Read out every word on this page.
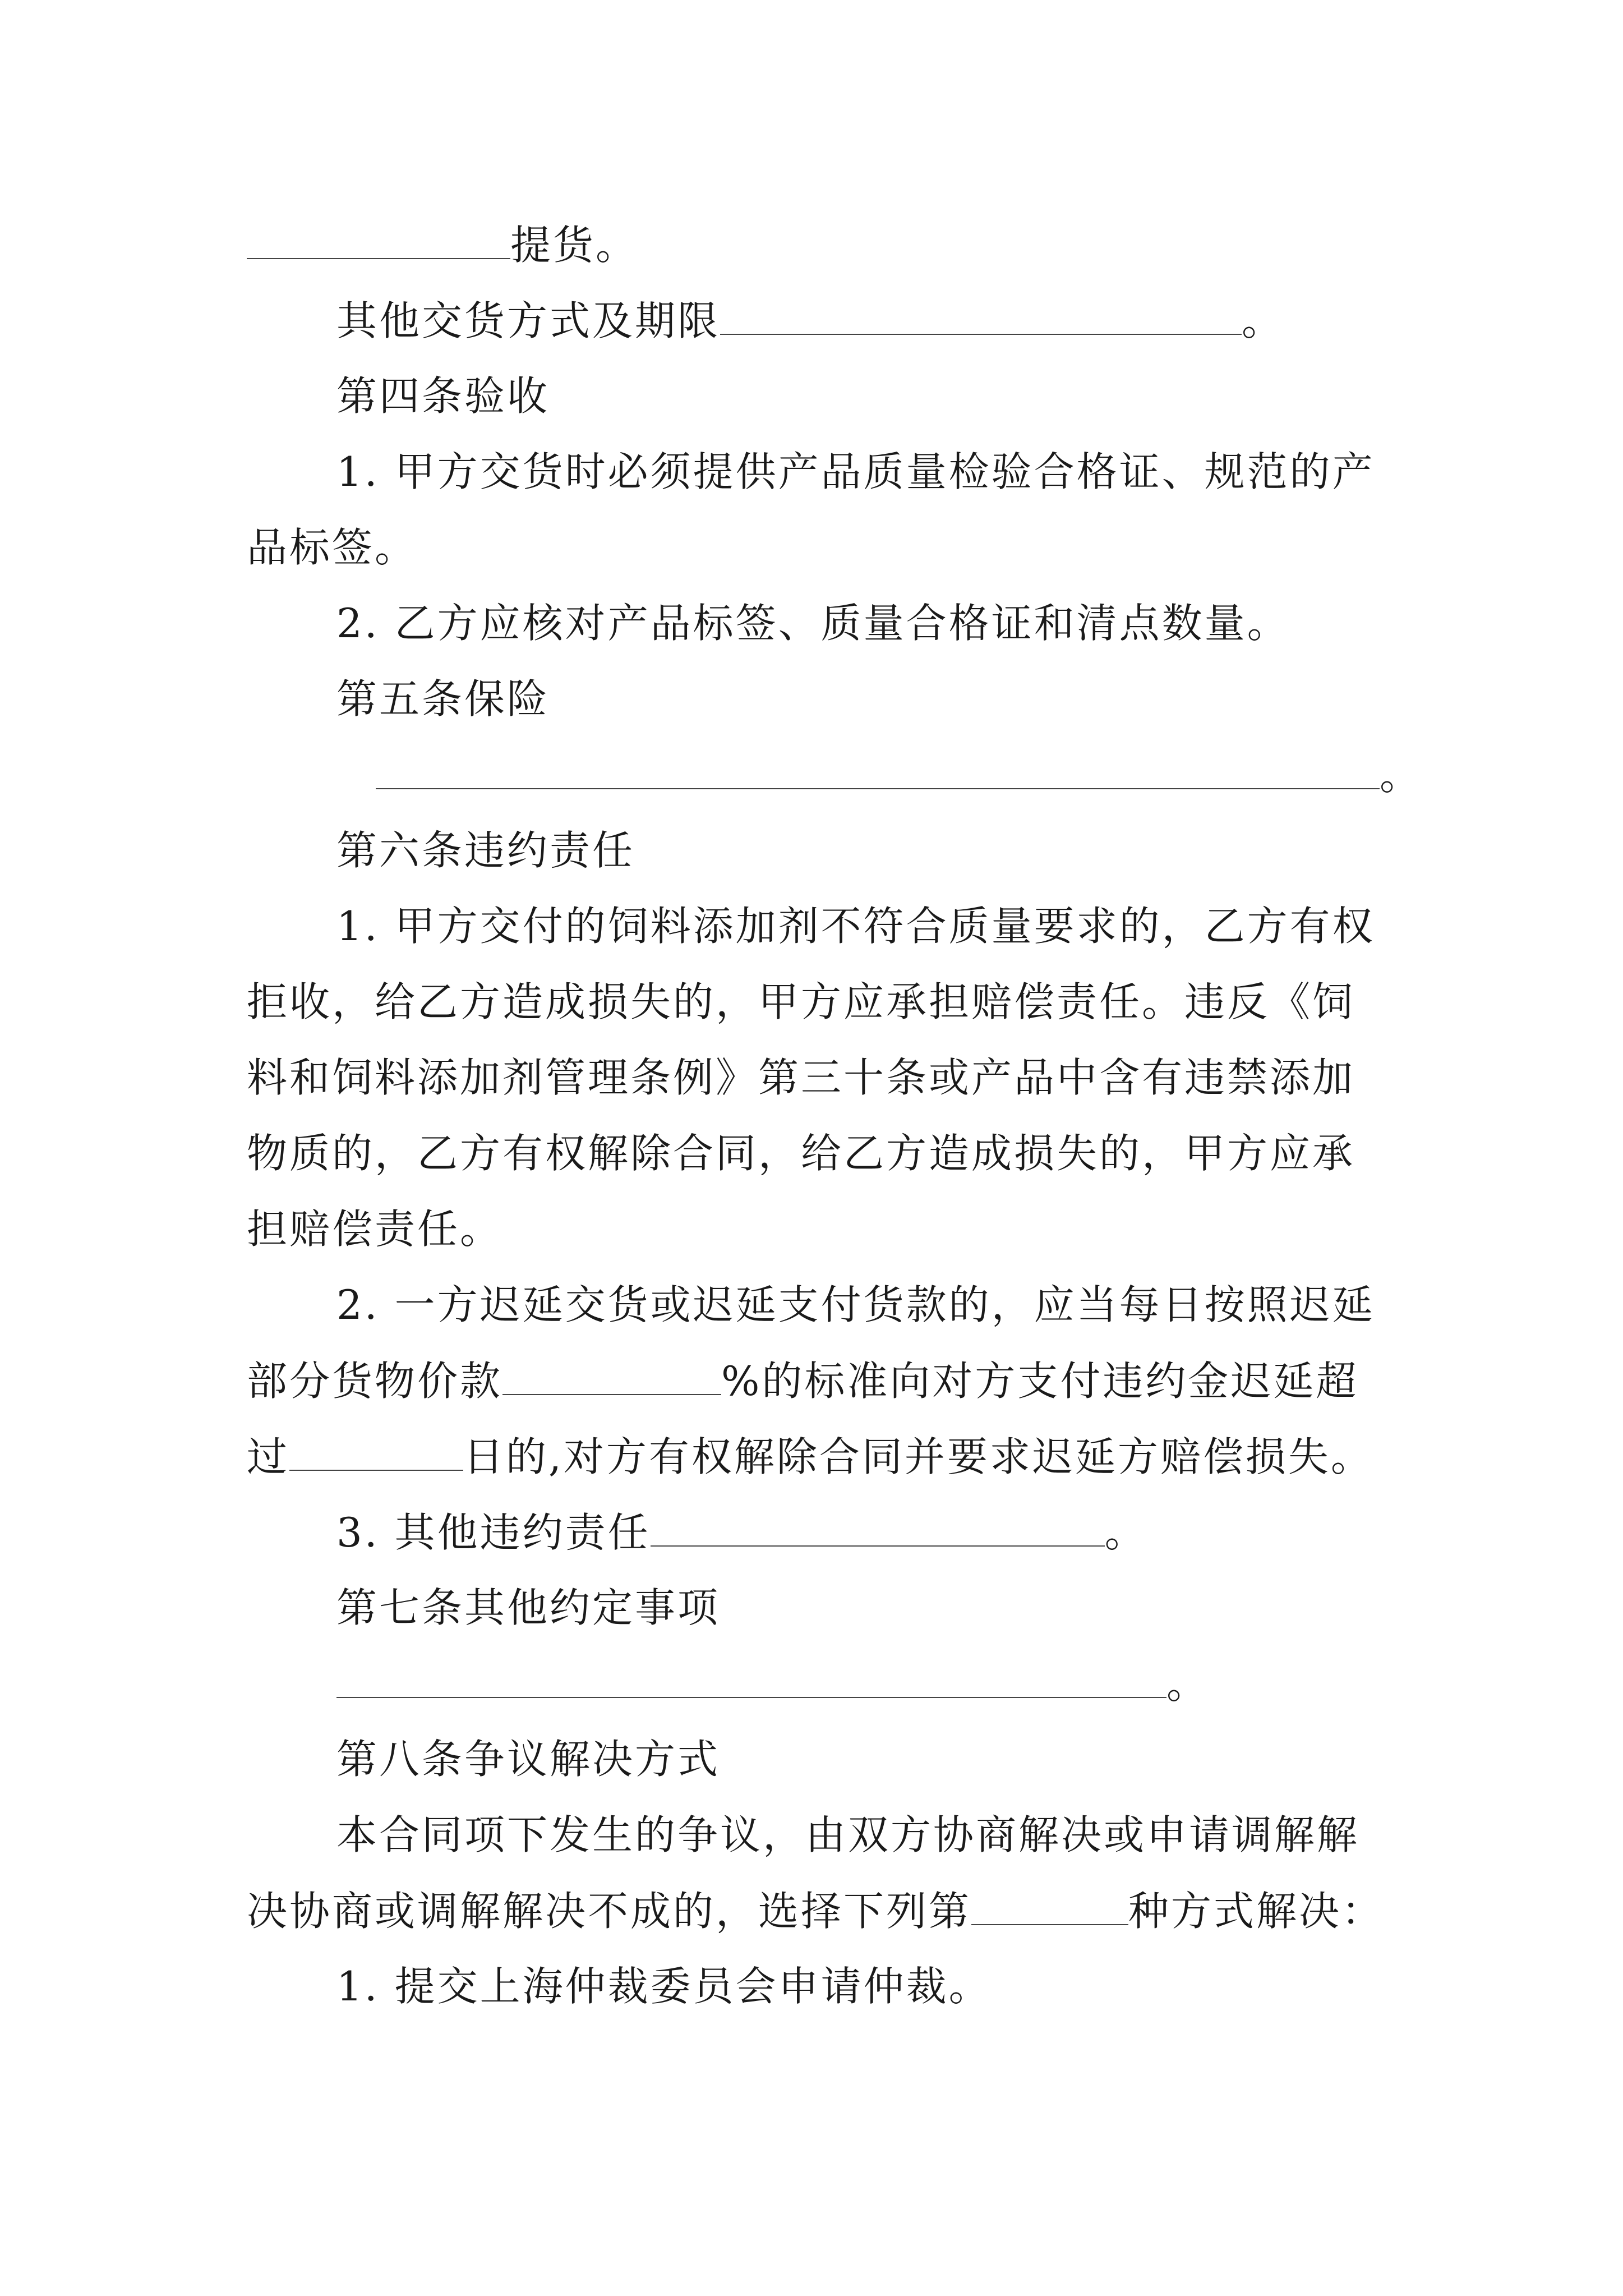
提货。
其他交货方式及期限	。
第四条验收
1. 甲方交货时必须提供产品质量检验合格证、规范的产
品标签。
2. 乙方应核对产品标签、质量合格证和清点数量。
第五条保险
。
第六条违约责任
1. 甲方交付的饲料添加剂不符合质量要求的，乙方有权
拒收，给乙方造成损失的，甲方应承担赔偿责任。违反《饲
料和饲料添加剂管理条例》第三十条或产品中含有违禁添加
物质的，乙方有权解除合同，给乙方造成损失的，甲方应承
担赔偿责任。
2. 一方迟延交货或迟延支付货款的，应当每日按照迟延
部分货物价款	%的标准向对方支付违约金迟延超
过	日的,对方有权解除合同并要求迟延方赔偿损失。
3. 其他违约责任	。
第七条其他约定事项
。
第八条争议解决方式
本合同项下发生的争议，由双方协商解决或申请调解解
决协商或调解解决不成的，选择下列第	种方式解决：
1. 提交上海仲裁委员会申请仲裁。
